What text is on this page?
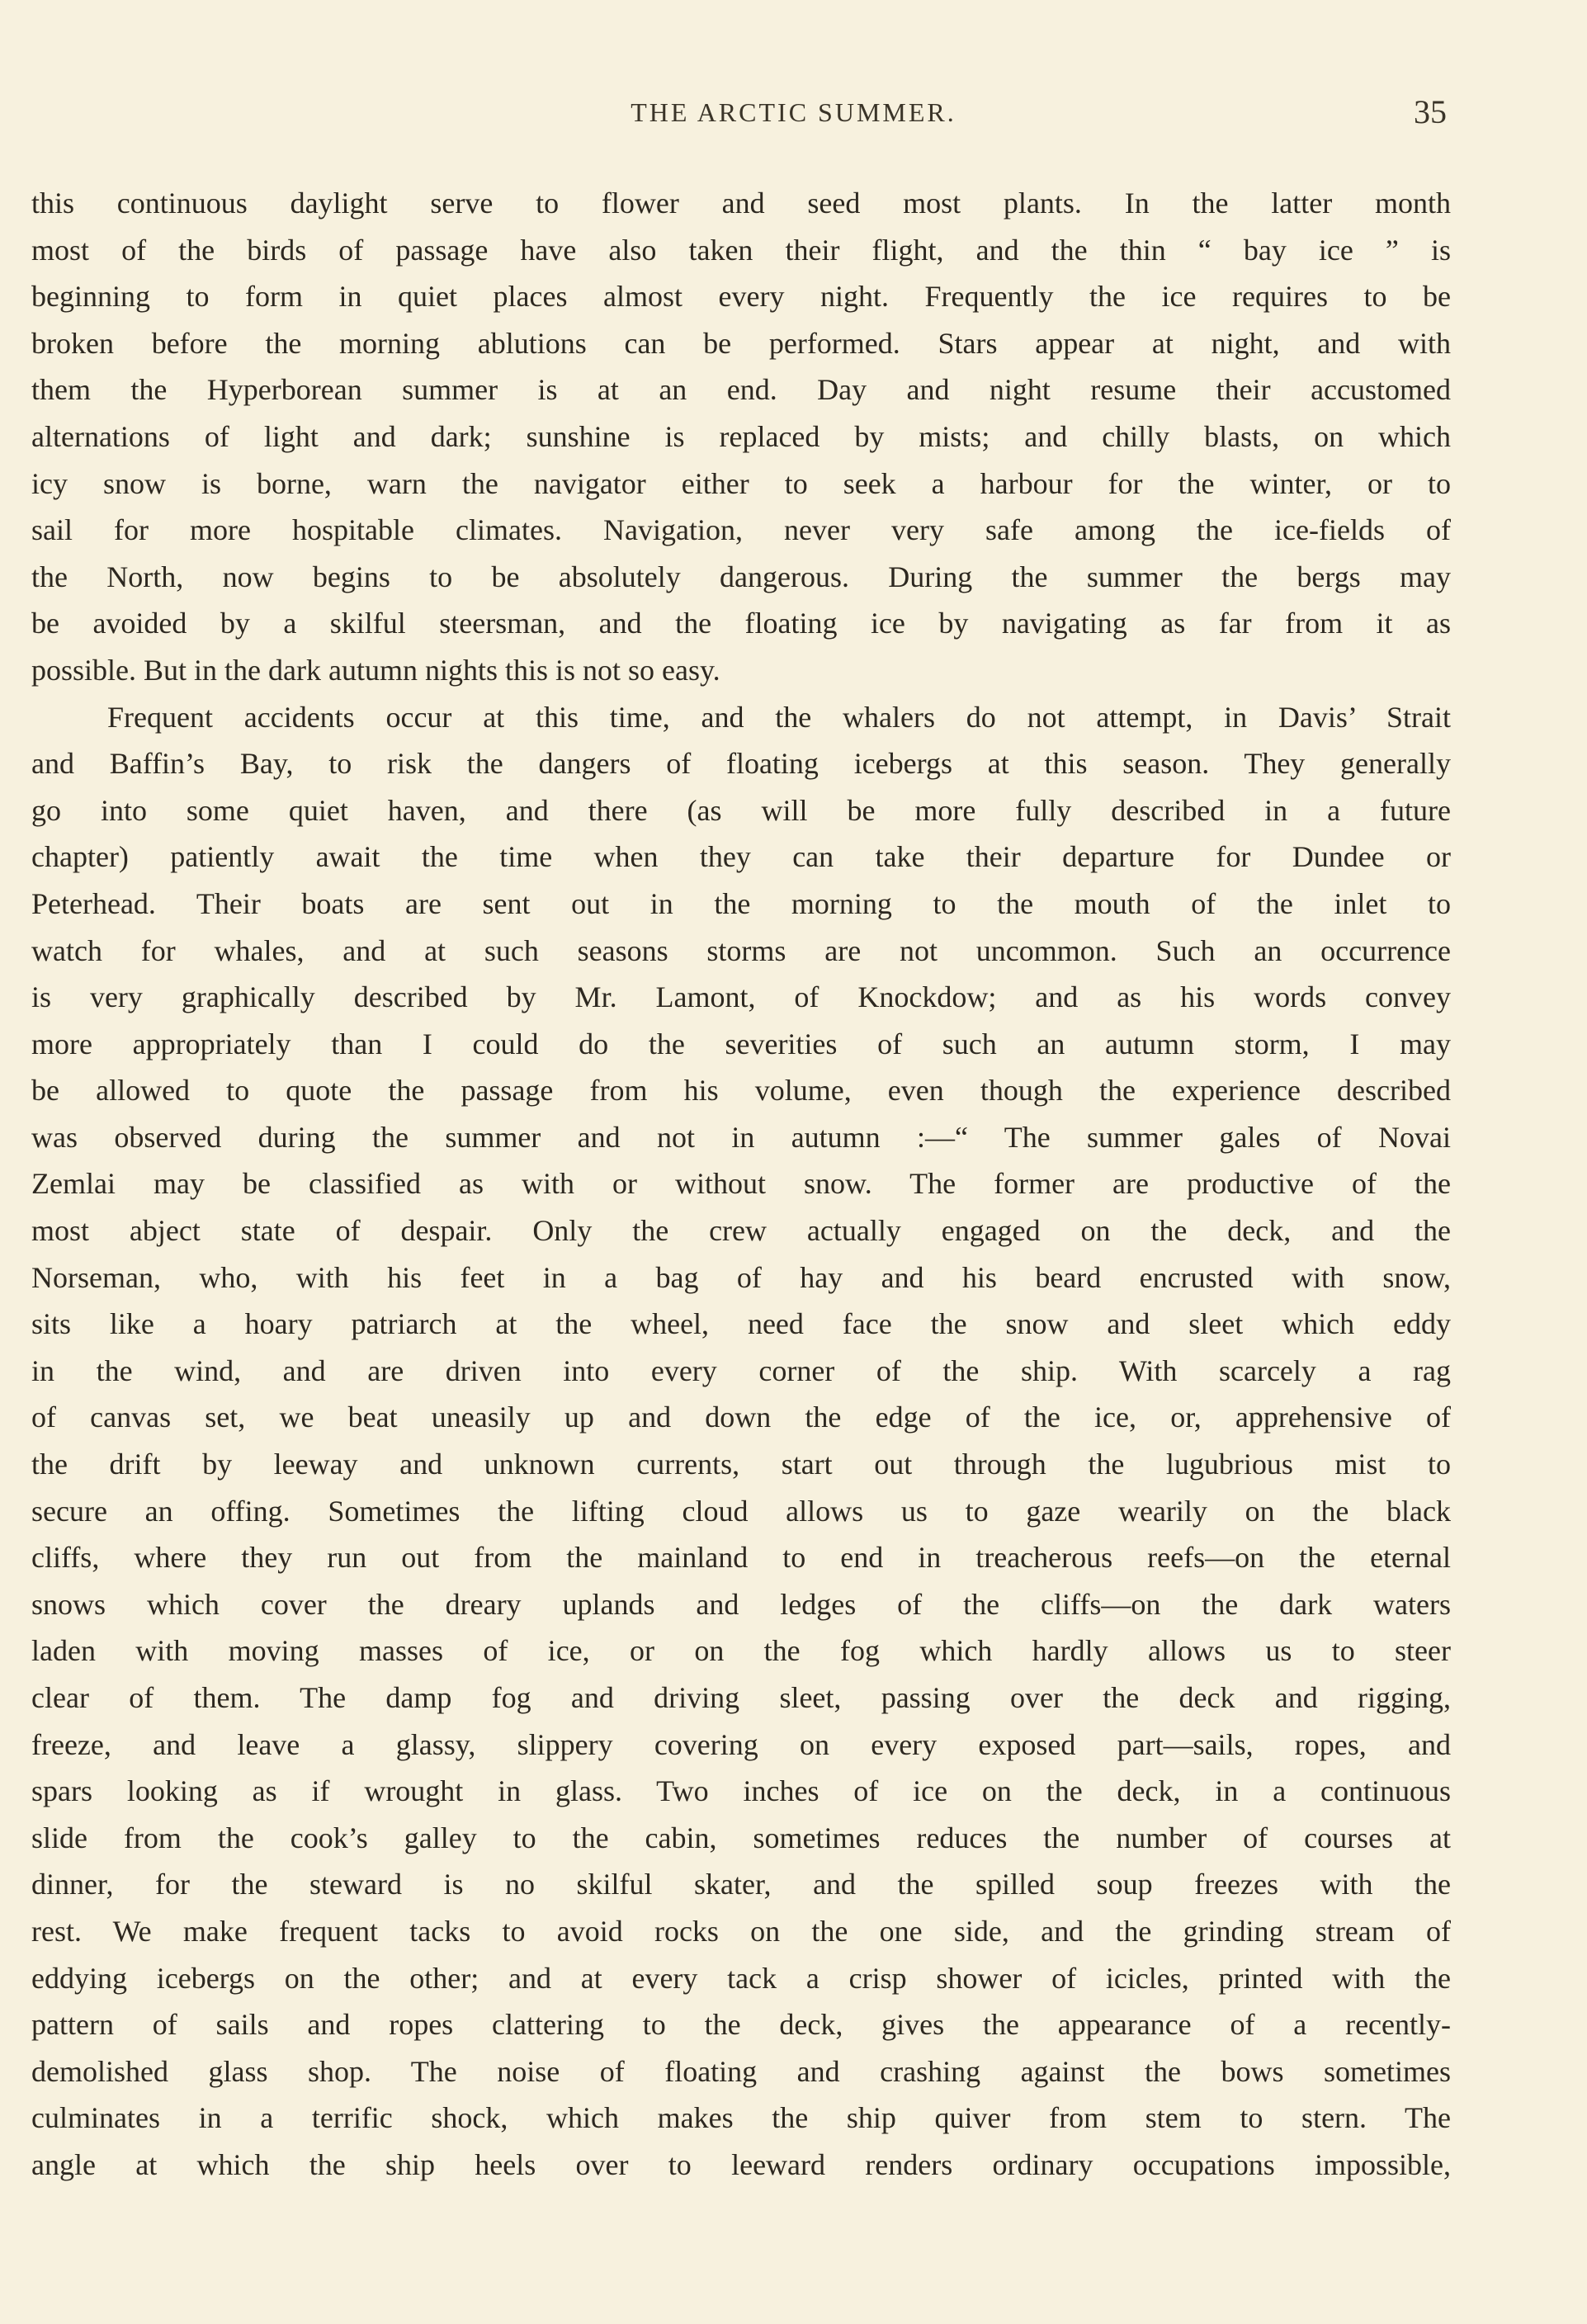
THE ARCTIC SUMMER.	35
this continuous daylight serve to flower and seed most plants. In the latter month
most of the birds of passage have also taken their flight, and the thin “ bay ice ” is
beginning to form in quiet places almost every night. Frequently the ice requires to be
broken before the morning ablutions can be performed. Stars appear at night, and with
them the Hyperborean summer is at an end. Day and night resume their accustomed
alternations of light and dark; sunshine is replaced by mists; and chilly blasts, on which
icy snow is borne, warn the navigator either to seek a harbour for the winter, or to
sail for more hospitable climates. Navigation, never very safe among the ice-fields of
the North, now begins to be absolutely dangerous. During the summer the bergs may
be avoided by a skilful steersman, and the floating ice by navigating as far from it as
possible. But in the dark autumn nights this is not so easy.
Frequent accidents occur at this time, and the whalers do not attempt, in Davis’ Strait
and Baffin’s Bay, to risk the dangers of floating icebergs at this season. They generally
go into some quiet haven, and there (as will be more fully described in a future
chapter) patiently await the time when they can take their departure for Dundee or
Peterhead. Their boats are sent out in the morning to the mouth of the inlet to
watch for whales, and at such seasons storms are not uncommon. Such an occurrence
is very graphically described by Mr. Lamont, of Knockdow; and as his words convey
more appropriately than I could do the severities of such an autumn storm, I may
be allowed to quote the passage from his volume, even though the experience described
was observed during the summer and not in autumn :—“ The summer gales of Novai
Zemlai may be classified as with or without snow. The former are productive of the
most abject state of despair. Only the crew actually engaged on the deck, and the
Norseman, who, with his feet in a bag of hay and his beard encrusted with snow,
sits like a hoary patriarch at the wheel, need face the snow and sleet which eddy
in the wind, and are driven into every corner of the ship. With scarcely a rag
of canvas set, we beat uneasily up and down the edge of the ice, or, apprehensive of
the drift by leeway and unknown currents, start out through the lugubrious mist to
secure an offing. Sometimes the lifting cloud allows us to gaze wearily on the black
cliffs, where they run out from the mainland to end in treacherous reefs—on the eternal
snows which cover the dreary uplands and ledges of the cliffs—on the dark waters
laden with moving masses of ice, or on the fog which hardly allows us to steer
clear of them. The damp fog and driving sleet, passing over the deck and rigging,
freeze, and leave a glassy, slippery covering on every exposed part—sails, ropes, and
spars looking as if wrought in glass. Two inches of ice on the deck, in a continuous
slide from the cook’s galley to the cabin, sometimes reduces the number of courses at
dinner, for the steward is no skilful skater, and the spilled soup freezes with the
rest. We make frequent tacks to avoid rocks on the one side, and the grinding stream of
eddying icebergs on the other; and at every tack a crisp shower of icicles, printed with the
pattern of sails and ropes clattering to the deck, gives the appearance of a recently-
demolished glass shop. The noise of floating and crashing against the bows sometimes
culminates in a terrific shock, which makes the ship quiver from stem to stern. The
angle at which the ship heels over to leeward renders ordinary occupations impossible,
